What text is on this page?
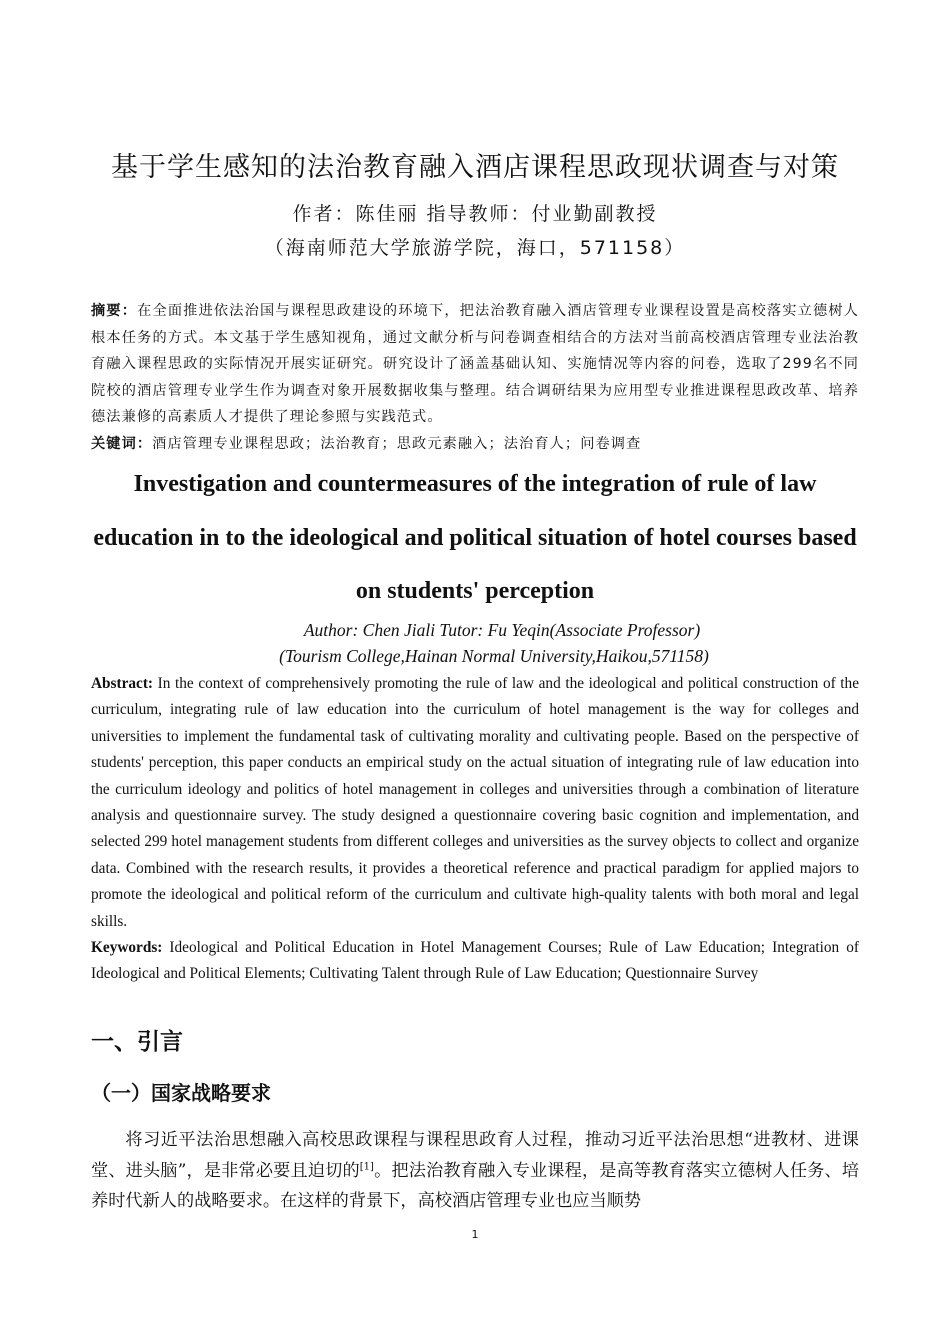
基于学生感知的法治教育融入酒店课程思政现状调查与对策
作者：陈佳丽 指导教师：付业勤副教授
（海南师范大学旅游学院，海口，571158）
摘要：在全面推进依法治国与课程思政建设的环境下，把法治教育融入酒店管理专业课程设置是高校落实立德树人根本任务的方式。本文基于学生感知视角，通过文献分析与问卷调查相结合的方法对当前高校酒店管理专业法治教育融入课程思政的实际情况开展实证研究。研究设计了涵盖基础认知、实施情况等内容的问卷，选取了299名不同院校的酒店管理专业学生作为调查对象开展数据收集与整理。结合调研结果为应用型专业推进课程思政改革、培养德法兼修的高素质人才提供了理论参照与实践范式。
关键词：酒店管理专业课程思政；法治教育；思政元素融入；法治育人；问卷调查
Investigation and countermeasures of the integration of rule of law education in to the ideological and political situation of hotel courses based on students' perception
Author: Chen Jiali Tutor: Fu Yeqin(Associate Professor)
(Tourism College,Hainan Normal University,Haikou,571158)
Abstract: In the context of comprehensively promoting the rule of law and the ideological and political construction of the curriculum, integrating rule of law education into the curriculum of hotel management is the way for colleges and universities to implement the fundamental task of cultivating morality and cultivating people. Based on the perspective of students' perception, this paper conducts an empirical study on the actual situation of integrating rule of law education into the curriculum ideology and politics of hotel management in colleges and universities through a combination of literature analysis and questionnaire survey. The study designed a questionnaire covering basic cognition and implementation, and selected 299 hotel management students from different colleges and universities as the survey objects to collect and organize data. Combined with the research results, it provides a theoretical reference and practical paradigm for applied majors to promote the ideological and political reform of the curriculum and cultivate high-quality talents with both moral and legal skills.
Keywords: Ideological and Political Education in Hotel Management Courses; Rule of Law Education; Integration of Ideological and Political Elements; Cultivating Talent through Rule of Law Education; Questionnaire Survey
一、引言
（一）国家战略要求
将习近平法治思想融入高校思政课程与课程思政育人过程，推动习近平法治思想“进教材、进课堂、进头脑”，是非常必要且迫切的[1]。把法治教育融入专业课程，是高等教育落实立德树人任务、培养时代新人的战略要求。在这样的背景下，高校酒店管理专业也应当顺势
1
